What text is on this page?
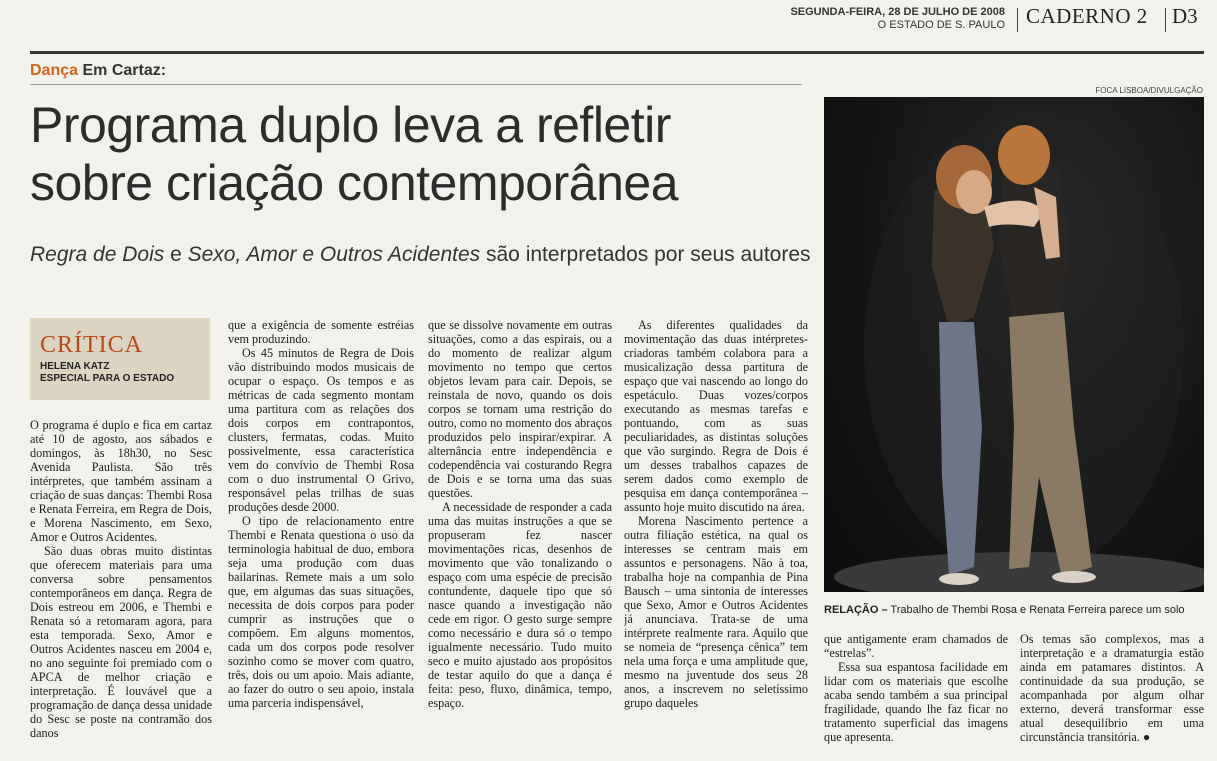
SEGUNDA-FEIRA, 28 DE JULHO DE 2008
O ESTADO DE S. PAULO CADERNO 2 D3
Dança Em Cartaz:
Programa duplo leva a refletir
sobre criação contemporânea
Regra de Dois e Sexo, Amor e Outros Acidentes são interpretados por seus autores
CRÍTICA
HELENA KATZ
ESPECIAL PARA O ESTADO

O programa é duplo e fica em cartaz até 10 de agosto, aos sábados e domingos, às 18h30, no Sesc Avenida Paulista. São três intérpretes, que também assinam a criação de suas danças: Thembi Rosa e Renata Ferreira, em Regra de Dois, e Morena Nascimento, em Sexo, Amor e Outros Acidentes.

São duas obras muito distintas que oferecem materiais para uma conversa sobre pensamentos contemporâneos em dança. Regra de Dois estreou em 2006, e Thembi e Renata só a retomaram agora, para esta temporada. Sexo, Amor e Outros Acidentes nasceu em 2004 e, no ano seguinte foi premiado com o APCA de melhor criação e interpretação. É louvável que a programação de dança dessa unidade do Sesc se poste na contramão dos danos

que a exigência de somente estréias vem produzindo.

Os 45 minutos de Regra de Dois vão distribuindo modos musicais de ocupar o espaço. Os tempos e as métricas de cada segmento montam uma partitura com as relações dos dois corpos em contrapontos, clusters, fermatas, codas. Muito possivelmente, essa característica vem do convívio de Thembi Rosa com o duo instrumental O Grivo, responsável pelas trilhas de suas produções desde 2000.

O tipo de relacionamento entre Thembi e Renata questiona o uso da terminologia habitual de duo, embora seja uma produção com duas bailarinas. Remete mais a um solo que, em algumas das suas situações, necessita de dois corpos para poder cumprir as instruções que o compõem. Em alguns momentos, cada um dos corpos pode resolver sozinho como se mover com quatro, três, dois ou um apoio. Mais adiante, ao fazer do outro o seu apoio, instala uma parceria indispensável,

que se dissolve novamente em outras situações, como a das espirais, ou a do momento de realizar algum movimento no tempo que certos objetos levam para cair. Depois, se reinstala de novo, quando os dois corpos se tornam uma restrição do outro, como no momento dos abraços produzidos pelo inspirar/expirar. A alternância entre independência e codependência vai costurando Regra de Dois e se torna uma das suas questões.

A necessidade de responder a cada uma das muitas instruções a que se propuseram fez nascer movimentações ricas, desenhos de movimento que vão tonalizando o espaço com uma espécie de precisão contundente, daquele tipo que só nasce quando a investigação não cede em rigor. O gesto surge sempre como necessário e dura só o tempo igualmente necessário. Tudo muito seco e muito ajustado aos propósitos de testar aquilo do que a dança é feita: peso, fluxo, dinâmica, tempo, espaço.

As diferentes qualidades da movimentação das duas intérpretes-criadoras também colabora para a musicalização dessa partitura de espaço que vai nascendo ao longo do espetáculo. Duas vozes/corpos executando as mesmas tarefas e pontuando, com as suas peculiaridades, as distintas soluções que vão surgindo. Regra de Dois é um desses trabalhos capazes de serem dados como exemplo de pesquisa em dança contemporânea – assunto hoje muito discutido na área.

Morena Nascimento pertence a outra filiação estética, na qual os interesses se centram mais em assuntos e personagens. Não à toa, trabalha hoje na companhia de Pina Bausch – uma sintonia de interesses que Sexo, Amor e Outros Acidentes já anunciava. Trata-se de uma intérprete realmente rara. Aquilo que se nomeia de “presença cênica” tem nela uma força e uma amplitude que, mesmo na juventude dos seus 28 anos, a inscrevem no seletíssimo grupo daqueles

que antigamente eram chamados de “estrelas”.

Essa sua espantosa facilidade em lidar com os materiais que escolhe acaba sendo também a sua principal fragilidade, quando lhe faz ficar no tratamento superficial das imagens que apresenta.

Os temas são complexos, mas a interpretação e a dramaturgia estão ainda em patamares distintos. A continuidade da sua produção, se acompanhada por algum olhar externo, deverá transformar esse atual desequilíbrio em uma circunstância transitória. ●

FOCA LISBOA/DIVULGAÇÃO
RELAÇÃO – Trabalho de Thembi Rosa e Renata Ferreira parece um solo
